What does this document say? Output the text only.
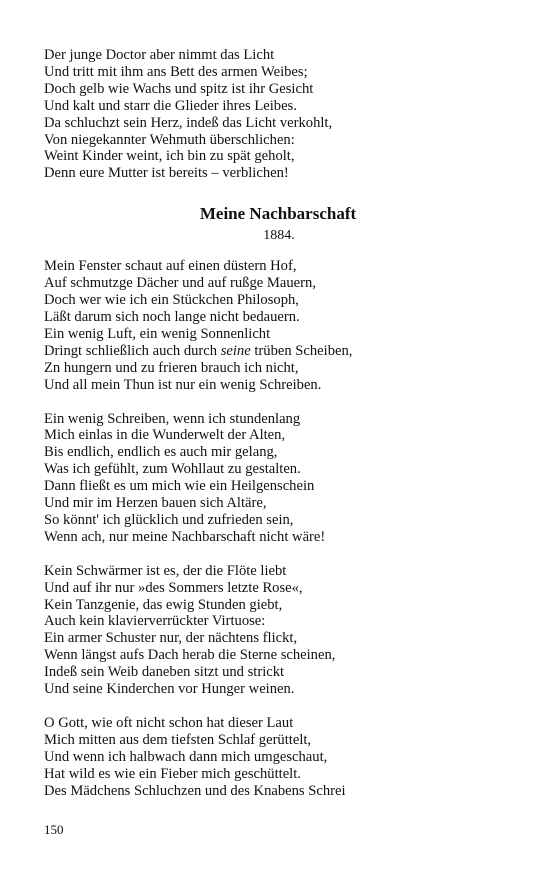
Der junge Doctor aber nimmt das Licht
Und tritt mit ihm ans Bett des armen Weibes;
Doch gelb wie Wachs und spitz ist ihr Gesicht
Und kalt und starr die Glieder ihres Leibes.
Da schluchzt sein Herz, indeß das Licht verkohlt,
Von niegekannter Wehmuth überschlichen:
Weint Kinder weint, ich bin zu spät geholt,
Denn eure Mutter ist bereits – verblichen!
Meine Nachbarschaft
1884.
Mein Fenster schaut auf einen düstern Hof,
Auf schmutzge Dächer und auf rußge Mauern,
Doch wer wie ich ein Stückchen Philosoph,
Läßt darum sich noch lange nicht bedauern.
Ein wenig Luft, ein wenig Sonnenlicht
Dringt schließlich auch durch seine trüben Scheiben,
Zn hungern und zu frieren brauch ich nicht,
Und all mein Thun ist nur ein wenig Schreiben.
Ein wenig Schreiben, wenn ich stundenlang
Mich einlas in die Wunderwelt der Alten,
Bis endlich, endlich es auch mir gelang,
Was ich gefühlt, zum Wohllaut zu gestalten.
Dann fließt es um mich wie ein Heilgenschein
Und mir im Herzen bauen sich Altäre,
So könnt' ich glücklich und zufrieden sein,
Wenn ach, nur meine Nachbarschaft nicht wäre!
Kein Schwärmer ist es, der die Flöte liebt
Und auf ihr nur »des Sommers letzte Rose«,
Kein Tanzgenie, das ewig Stunden giebt,
Auch kein klavierverrückter Virtuose:
Ein armer Schuster nur, der nächtens flickt,
Wenn längst aufs Dach herab die Sterne scheinen,
Indeß sein Weib daneben sitzt und strickt
Und seine Kinderchen vor Hunger weinen.
O Gott, wie oft nicht schon hat dieser Laut
Mich mitten aus dem tiefsten Schlaf gerüttelt,
Und wenn ich halbwach dann mich umgeschaut,
Hat wild es wie ein Fieber mich geschüttelt.
Des Mädchens Schluchzen und des Knabens Schrei
150
